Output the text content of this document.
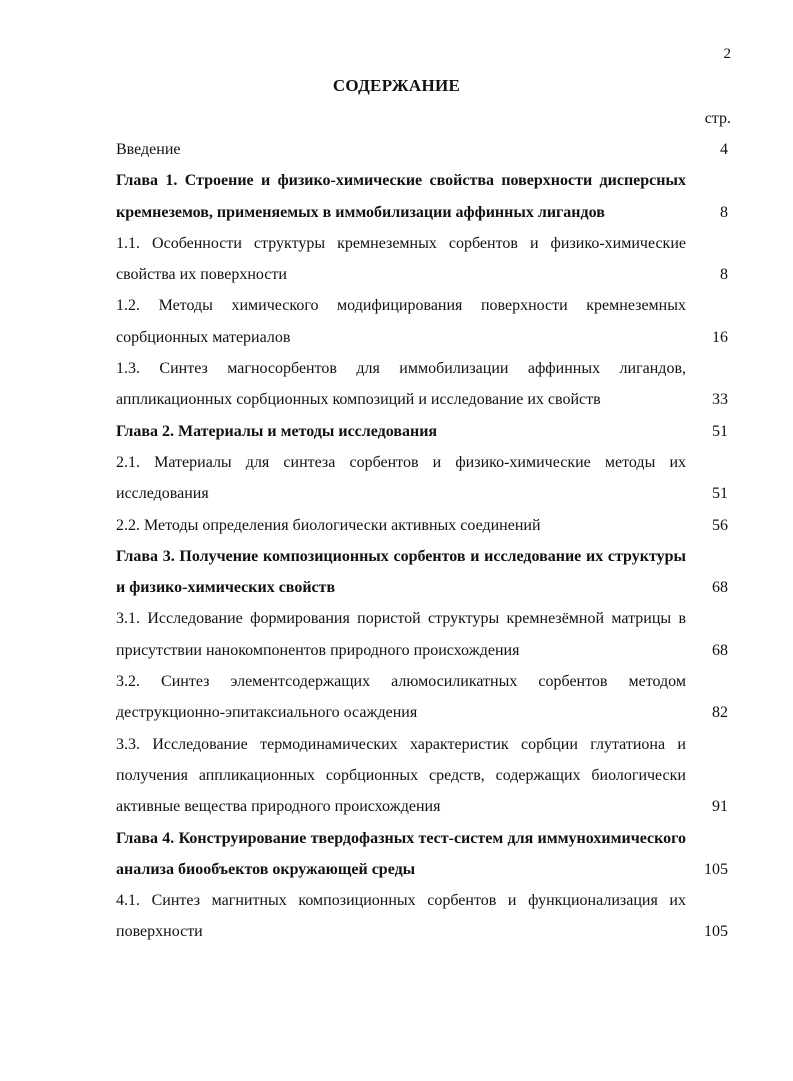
2
СОДЕРЖАНИЕ
стр.
Введение	4
Глава 1. Строение и физико-химические свойства поверхности дисперсных кремнеземов, применяемых в иммобилизации аффинных лигандов	8
1.1. Особенности структуры кремнеземных сорбентов и физико-химические свойства их поверхности	8
1.2. Методы химического модифицирования поверхности кремнеземных сорбционных материалов	16
1.3. Синтез магносорбентов для иммобилизации аффинных лигандов, аппликационных сорбционных композиций и исследование их свойств	33
Глава 2. Материалы и методы исследования	51
2.1. Материалы для синтеза сорбентов и физико-химические методы их исследования	51
2.2. Методы определения биологически активных соединений	56
Глава 3. Получение композиционных сорбентов и исследование их структуры и физико-химических свойств	68
3.1. Исследование формирования пористой структуры кремнезёмной матрицы в присутствии нанокомпонентов природного происхождения	68
3.2. Синтез элементсодержащих алюмосиликатных сорбентов методом деструкционно-эпитаксиального осаждения	82
3.3. Исследование термодинамических характеристик сорбции глутатиона и получения аппликационных сорбционных средств, содержащих биологически активные вещества природного происхождения	91
Глава 4. Конструирование твердофазных тест-систем для иммунохимического анализа биообъектов окружающей среды	105
4.1. Синтез магнитных композиционных сорбентов и функционализация их поверхности	105
